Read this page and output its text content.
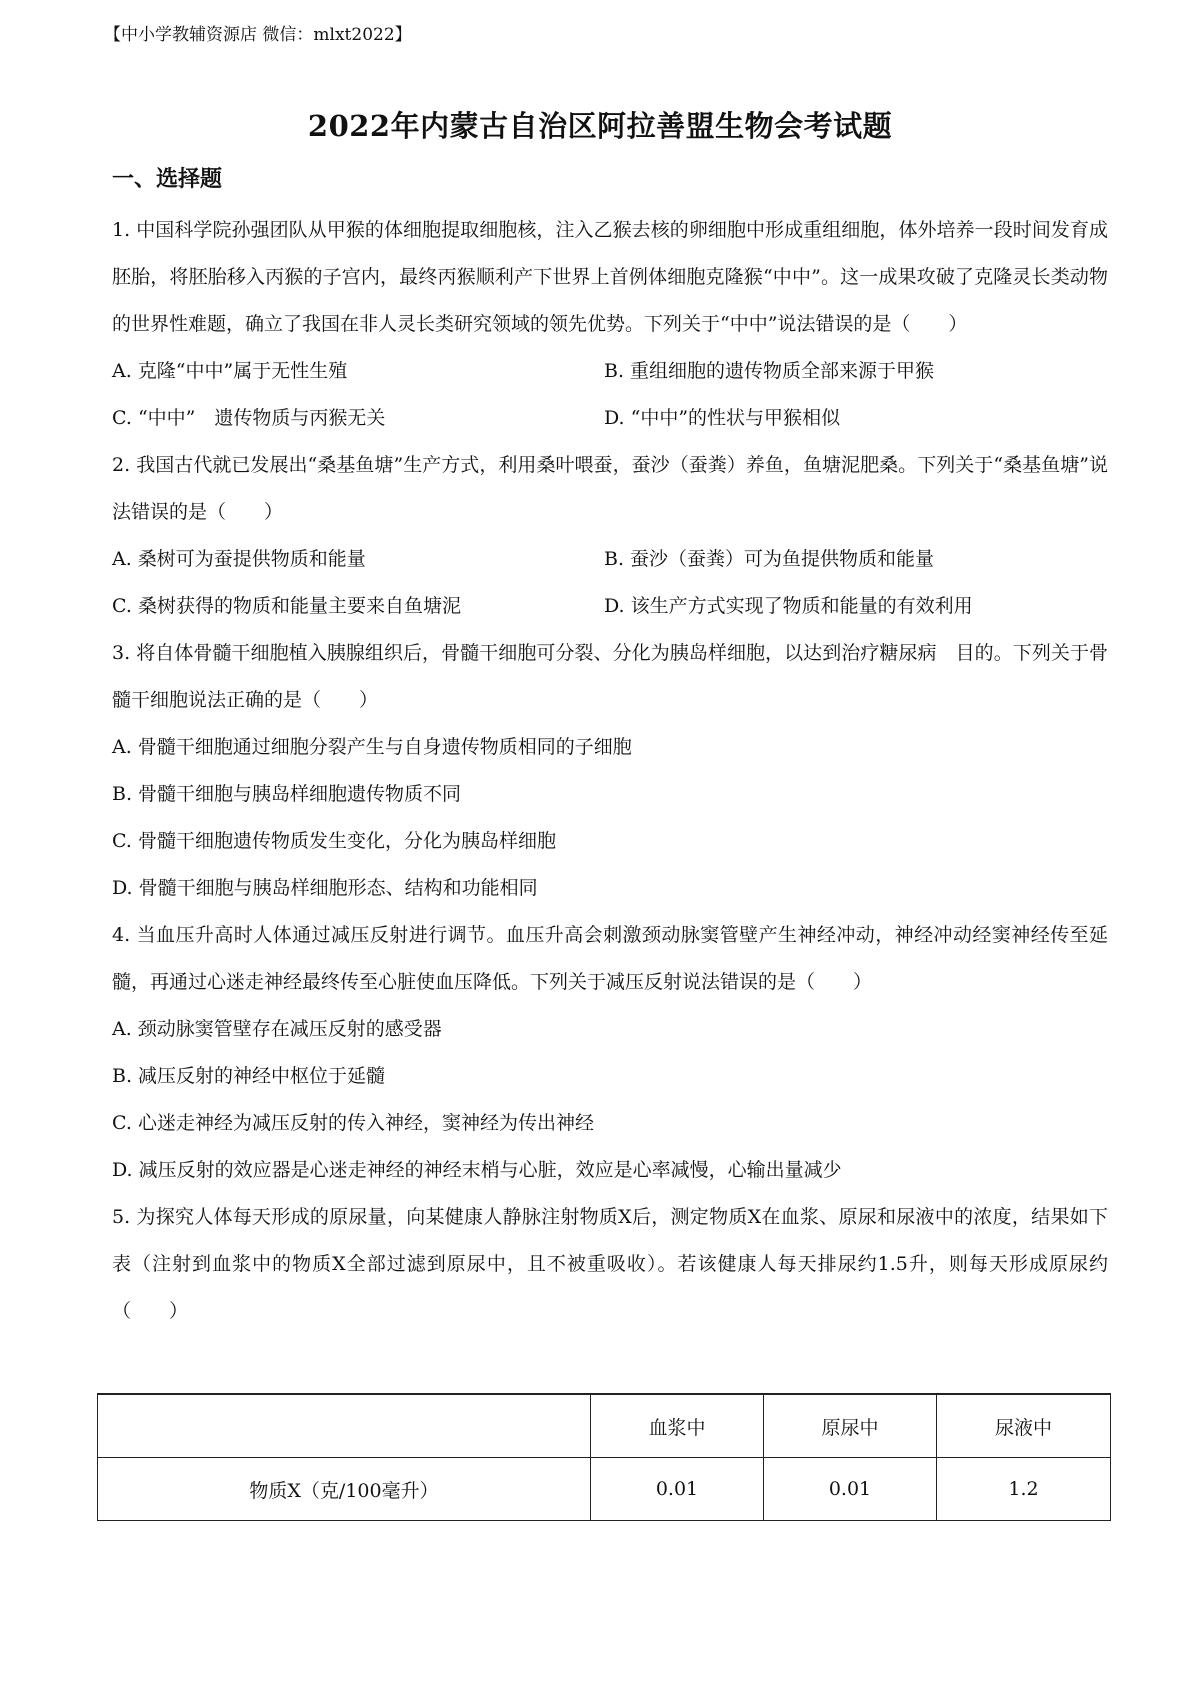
【中小学教辅资源店 微信：mlxt2022】
2022年内蒙古自治区阿拉善盟生物会考试题
一、选择题
1. 中国科学院孙强团队从甲猴的体细胞提取细胞核，注入乙猴去核的卵细胞中形成重组细胞，体外培养一段时间发育成胚胎，将胚胎移入丙猴的子宫内，最终丙猴顺利产下世界上首例体细胞克隆猴“中中”。这一成果攻破了克隆灵长类动物的世界性难题，确立了我国在非人灵长类研究领域的领先优势。下列关于“中中”说法错误的是（　　）
A. 克隆“中中”属于无性生殖	B. 重组细胞的遗传物质全部来源于甲猴
C. “中中”　遗传物质与丙猴无关	D. “中中”的性状与甲猴相似
2. 我国古代就已发展出“桑基鱼塘”生产方式，利用桑叶喂蚕，蚕沙（蚕粪）养鱼，鱼塘泥肥桑。下列关于“桑基鱼塘”说法错误的是（　　）
A. 桑树可为蚕提供物质和能量	B. 蚕沙（蚕粪）可为鱼提供物质和能量
C. 桑树获得的物质和能量主要来自鱼塘泥	D. 该生产方式实现了物质和能量的有效利用
3. 将自体骨髓干细胞植入胰腺组织后，骨髓干细胞可分裂、分化为胰岛样细胞，以达到治疗糖尿病　目的。下列关于骨髓干细胞说法正确的是（　　）
A. 骨髓干细胞通过细胞分裂产生与自身遗传物质相同的子细胞
B. 骨髓干细胞与胰岛样细胞遗传物质不同
C. 骨髓干细胞遗传物质发生变化，分化为胰岛样细胞
D. 骨髓干细胞与胰岛样细胞形态、结构和功能相同
4. 当血压升高时人体通过减压反射进行调节。血压升高会刺激颈动脉窦管壁产生神经冲动，神经冲动经窦神经传至延髓，再通过心迷走神经最终传至心脏使血压降低。下列关于减压反射说法错误的是（　　）
A. 颈动脉窦管壁存在减压反射的感受器
B. 减压反射的神经中枢位于延髓
C. 心迷走神经为减压反射的传入神经，窦神经为传出神经
D. 减压反射的效应器是心迷走神经的神经末梢与心脏，效应是心率减慢，心输出量减少
5. 为探究人体每天形成的原尿量，向某健康人静脉注射物质X后，测定物质X在血浆、原尿和尿液中的浓度，结果如下表（注射到血浆中的物质X全部过滤到原尿中，且不被重吸收）。若该健康人每天排尿约1.5升，则每天形成原尿约（　　）
	血浆中	原尿中	尿液中
物质X（克/100毫升）	0.01	0.01	1.2
